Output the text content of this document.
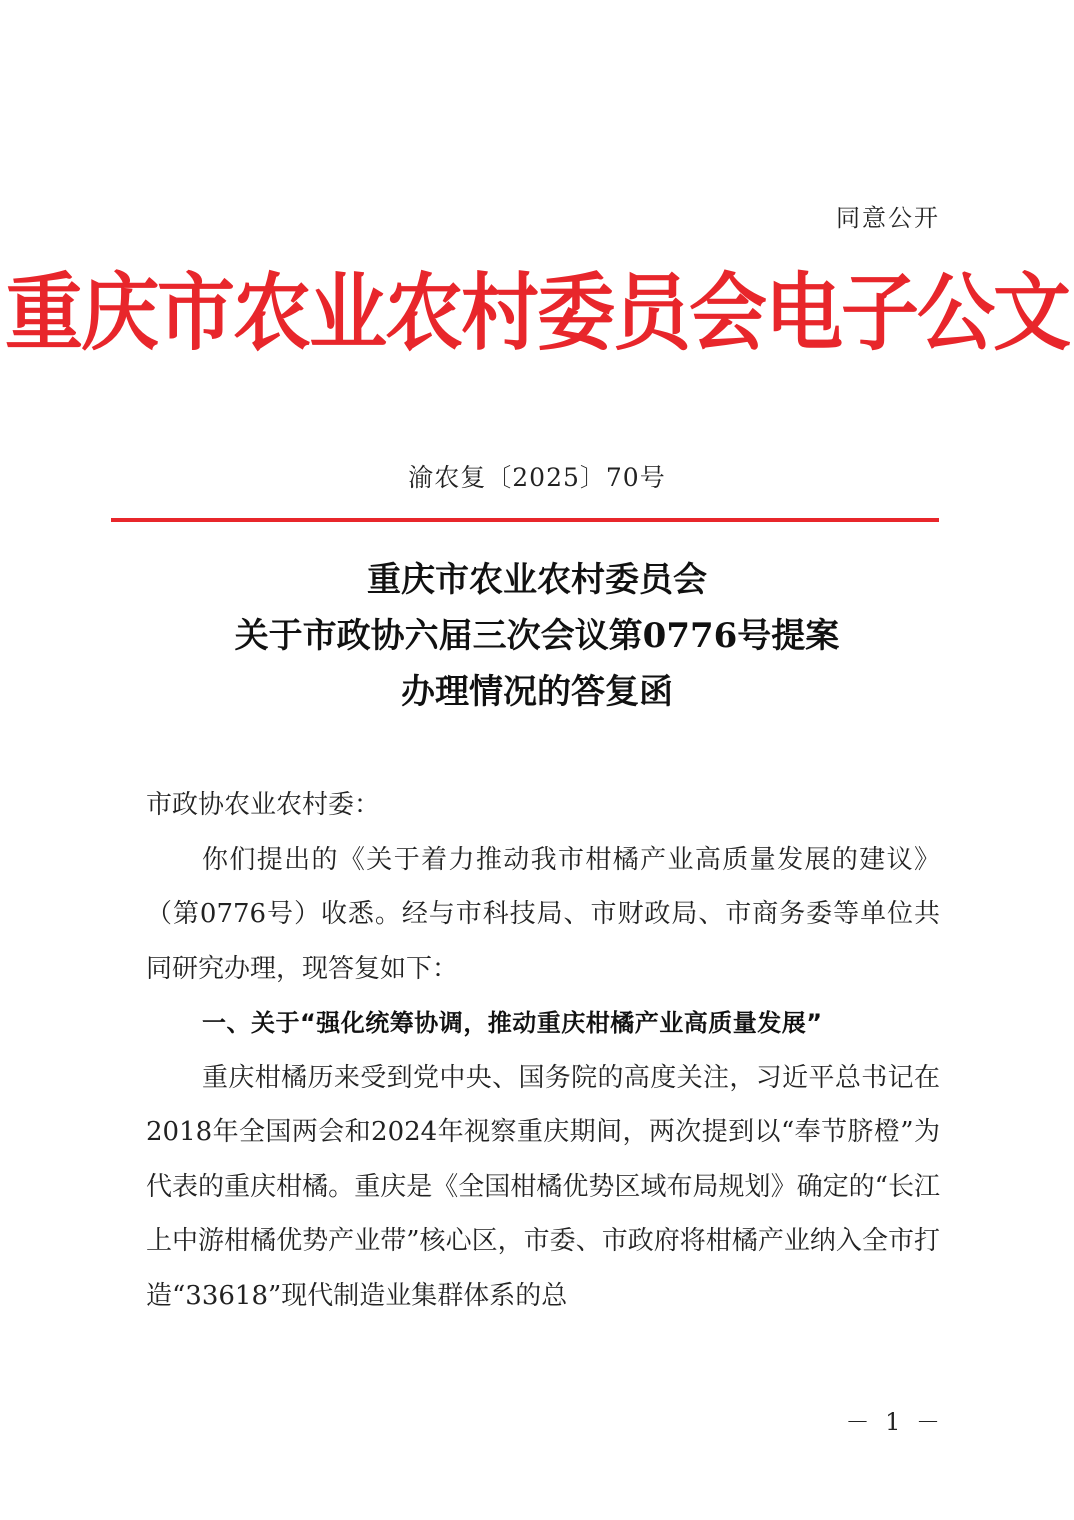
同意公开
重庆市农业农村委员会电子公文
渝农复〔2025〕70号
重庆市农业农村委员会
关于市政协六届三次会议第0776号提案
办理情况的答复函

市政协农业农村委：

你们提出的《关于着力推动我市柑橘产业高质量发展的建议》（第0776号）收悉。经与市科技局、市财政局、市商务委等单位共同研究办理，现答复如下：

一、关于“强化统筹协调，推动重庆柑橘产业高质量发展”

重庆柑橘历来受到党中央、国务院的高度关注，习近平总书记在2018年全国两会和2024年视察重庆期间，两次提到以“奉节脐橙”为代表的重庆柑橘。重庆是《全国柑橘优势区域布局规划》确定的“长江上中游柑橘优势产业带”核心区，市委、市政府将柑橘产业纳入全市打造“33618”现代制造业集群体系的总

－ 1 －
